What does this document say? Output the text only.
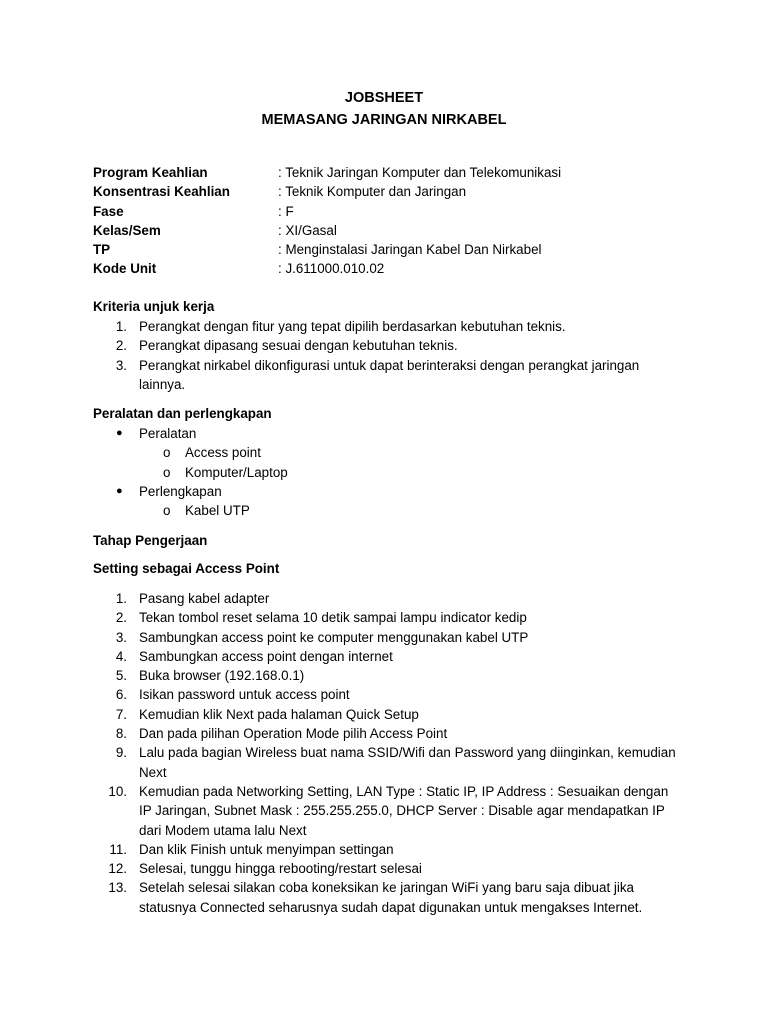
JOBSHEET
MEMASANG JARINGAN NIRKABEL
Program Keahlian	: Teknik Jaringan Komputer dan Telekomunikasi
Konsentrasi Keahlian	: Teknik Komputer dan Jaringan
Fase	: F
Kelas/Sem	: XI/Gasal
TP	: Menginstalasi Jaringan Kabel Dan Nirkabel
Kode Unit	: J.611000.010.02
Kriteria unjuk kerja
1. Perangkat dengan fitur yang tepat dipilih berdasarkan kebutuhan teknis.
2. Perangkat dipasang sesuai dengan kebutuhan teknis.
3. Perangkat nirkabel dikonfigurasi untuk dapat berinteraksi dengan perangkat jaringan lainnya.
Peralatan dan perlengkapan
● Peralatan
o Access point
o Komputer/Laptop
● Perlengkapan
o Kabel UTP
Tahap Pengerjaan
Setting sebagai Access Point
1. Pasang kabel adapter
2. Tekan tombol reset selama 10 detik sampai lampu indicator kedip
3. Sambungkan access point ke computer menggunakan kabel UTP
4. Sambungkan access point dengan internet
5. Buka browser (192.168.0.1)
6. Isikan password untuk access point
7. Kemudian klik Next pada halaman Quick Setup
8. Dan pada pilihan Operation Mode pilih Access Point
9. Lalu pada bagian Wireless buat nama SSID/Wifi dan Password yang diinginkan, kemudian Next
10. Kemudian pada Networking Setting, LAN Type : Static IP, IP Address : Sesuaikan dengan IP Jaringan, Subnet Mask : 255.255.255.0, DHCP Server : Disable agar mendapatkan IP dari Modem utama lalu Next
11. Dan klik Finish untuk menyimpan settingan
12. Selesai, tunggu hingga rebooting/restart selesai
13. Setelah selesai silakan coba koneksikan ke jaringan WiFi yang baru saja dibuat jika statusnya Connected seharusnya sudah dapat digunakan untuk mengakses Internet.
